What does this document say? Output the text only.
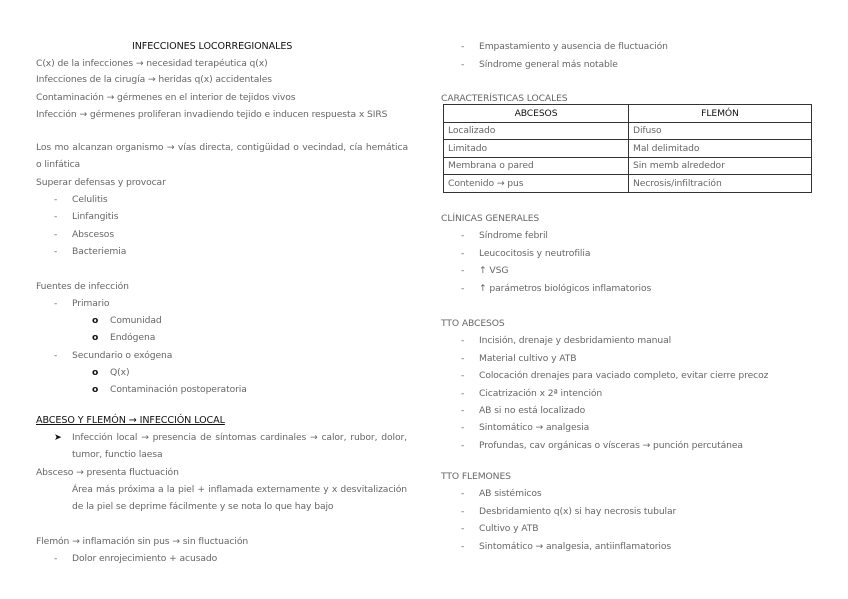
INFECCIONES LOCORREGIONALES
C(x) de la infecciones → necesidad terapéutica q(x)
Infecciones de la cirugía → heridas q(x) accidentales
Contaminación → gérmenes en el interior de tejidos vivos
Infección → gérmenes proliferan invadiendo tejido e inducen respuesta x SIRS
Los mo alcanzan organismo → vías directa, contigüidad o vecindad, cía hemática o linfática
Superar defensas y provocar
- Celulitis
- Linfangitis
- Abscesos
- Bacteriemia
Fuentes de infección
- Primario
o Comunidad
o Endógena
- Secundario o exógena
o Q(x)
o Contaminación postoperatoria
ABCESO Y FLEMÓN → INFECCIÓN LOCAL
➤ Infección local → presencia de síntomas cardinales → calor, rubor, dolor, tumor, functio laesa
Absceso → presenta fluctuación
Área más próxima a la piel + inflamada externamente y x desvitalización de la piel se deprime fácilmente y se nota lo que hay bajo
Flemón → inflamación sin pus → sin fluctuación
- Dolor enrojecimiento + acusado
- Empastamiento y ausencia de fluctuación
- Síndrome general más notable
CARACTERÍSTICAS LOCALES
ABCESOS	FLEMÓN
Localizado	Difuso
Limitado	Mal delimitado
Membrana o pared	Sin memb alrededor
Contenido → pus	Necrosis/infiltración
CLÍNICAS GENERALES
- Síndrome febril
- Leucocitosis y neutrofilia
- ↑ VSG
- ↑ parámetros biológicos inflamatorios
TTO ABCESOS
- Incisión, drenaje y desbridamiento manual
- Material cultivo y ATB
- Colocación drenajes para vaciado completo, evitar cierre precoz
- Cicatrización x 2ª intención
- AB si no está localizado
- Sintomático → analgesia
- Profundas, cav orgánicas o vísceras → punción percutánea
TTO FLEMONES
- AB sistémicos
- Desbridamiento q(x) si hay necrosis tubular
- Cultivo y ATB
- Sintomático → analgesia, antiinflamatorios
